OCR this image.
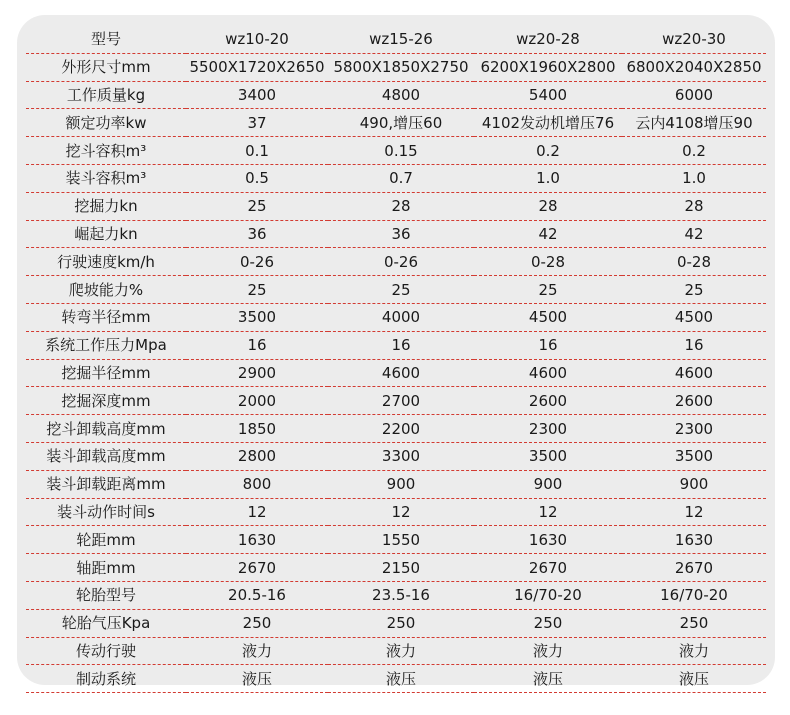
型号	wz10-20	wz15-26	wz20-28	wz20-30
外形尺寸mm	5500X1720X2650	5800X1850X2750	6200X1960X2800	6800X2040X2850
工作质量kg	3400	4800	5400	6000
额定功率kw	37	490,增压60	4102发动机增压76	云内4108增压90
挖斗容积m³	0.1	0.15	0.2	0.2
装斗容积m³	0.5	0.7	1.0	1.0
挖掘力kn	25	28	28	28
崛起力kn	36	36	42	42
行驶速度km/h	0-26	0-26	0-28	0-28
爬坡能力%	25	25	25	25
转弯半径mm	3500	4000	4500	4500
系统工作压力Mpa	16	16	16	16
挖掘半径mm	2900	4600	4600	4600
挖掘深度mm	2000	2700	2600	2600
挖斗卸载高度mm	1850	2200	2300	2300
装斗卸载高度mm	2800	3300	3500	3500
装斗卸载距离mm	800	900	900	900
装斗动作时间s	12	12	12	12
轮距mm	1630	1550	1630	1630
轴距mm	2670	2150	2670	2670
轮胎型号	20.5-16	23.5-16	16/70-20	16/70-20
轮胎气压Kpa	250	250	250	250
传动行驶	液力	液力	液力	液力
制动系统	液压	液压	液压	液压
